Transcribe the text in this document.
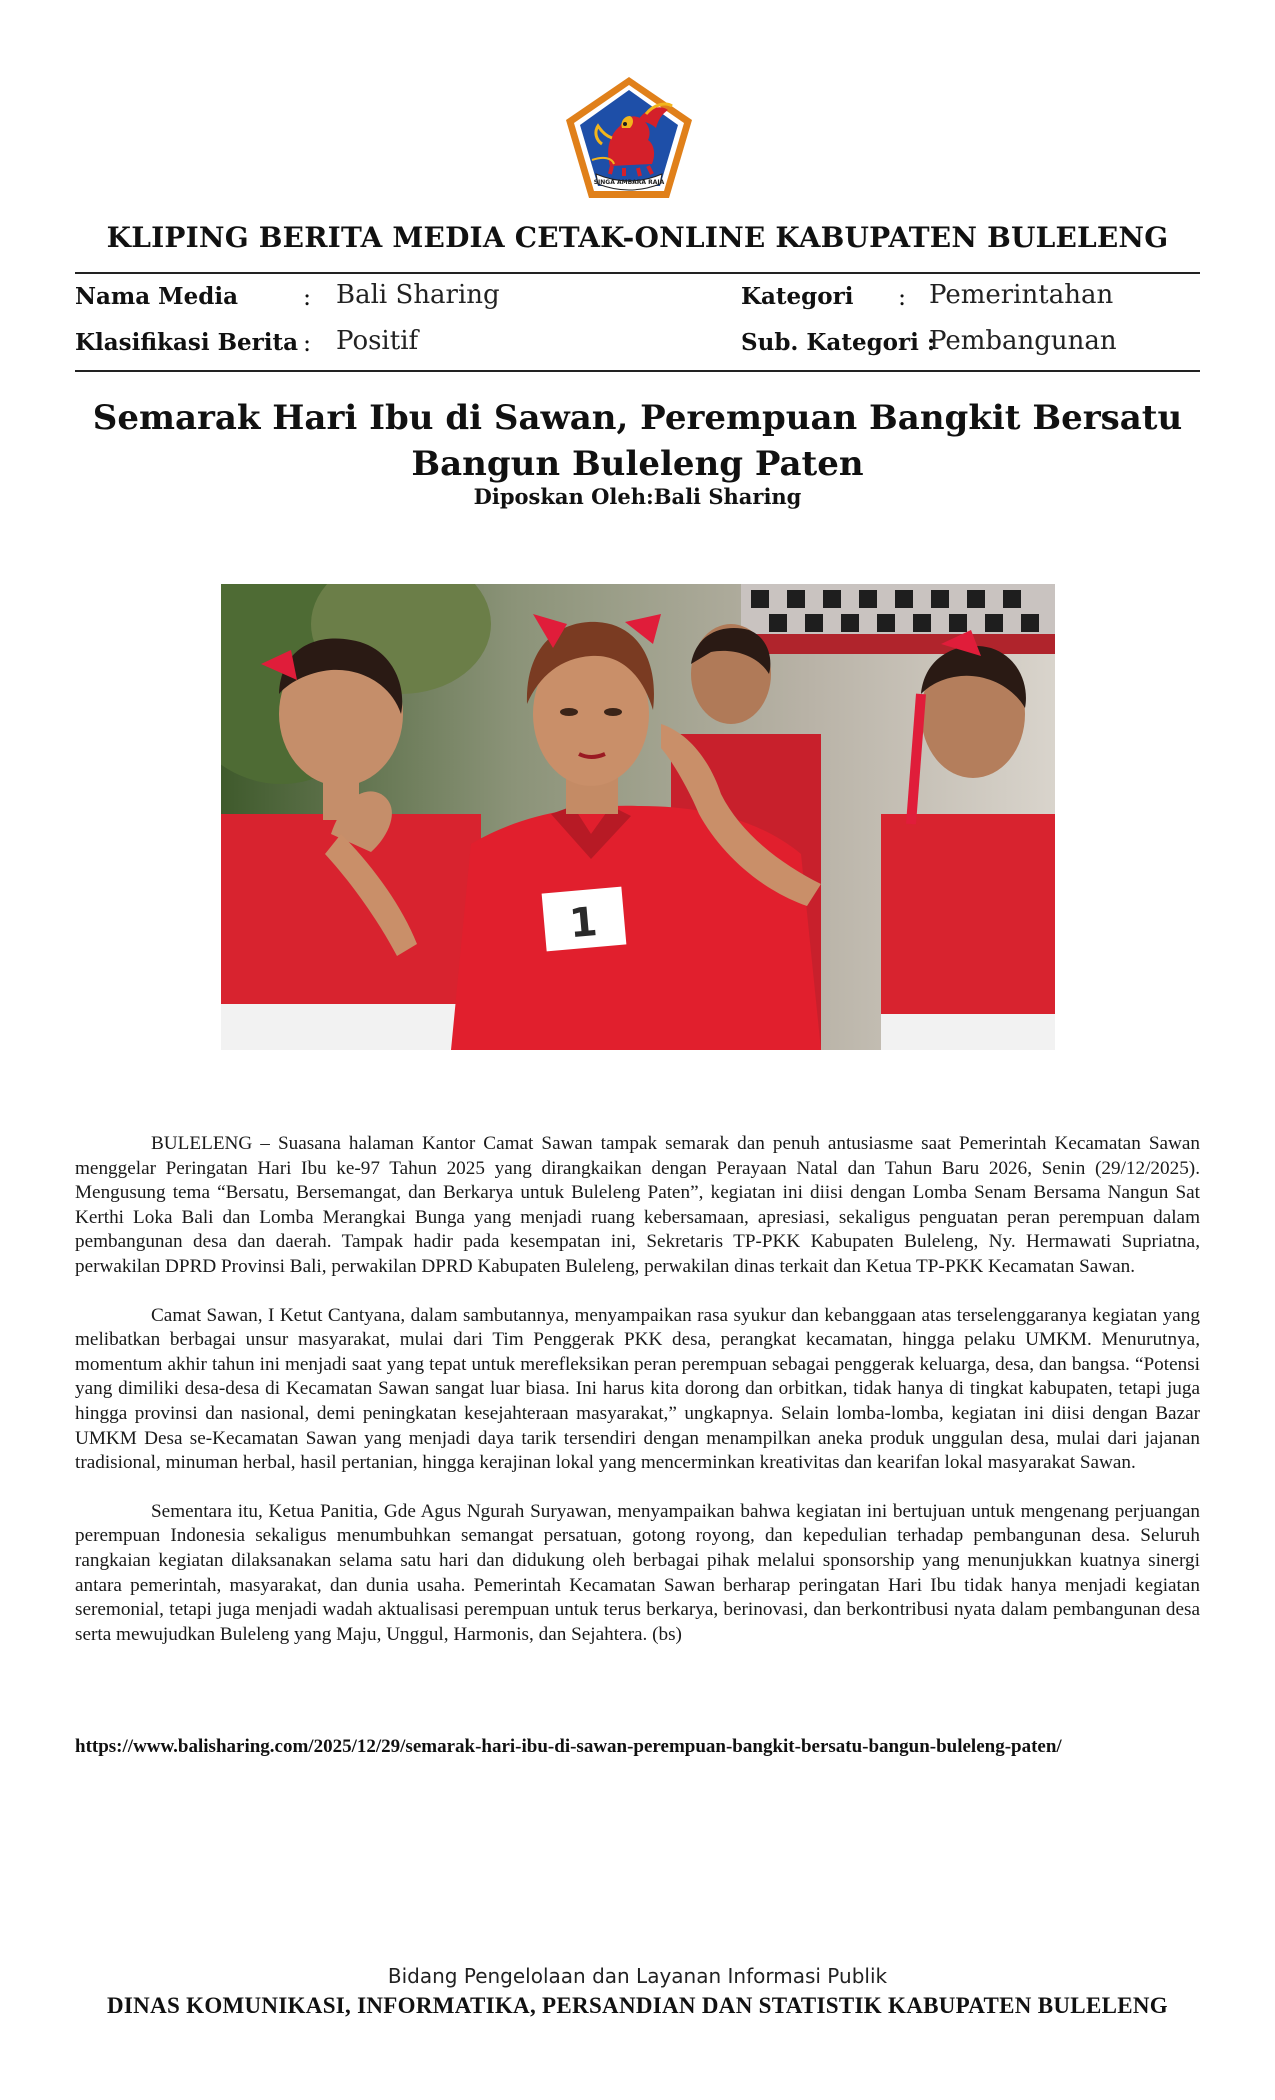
SINGA AMBARA RAJA
KLIPING BERITA MEDIA CETAK-ONLINE KABUPATEN BULELENG
Nama Media	: Bali Sharing	Kategori : Pemerintahan
Klasifikasi Berita : Positif	Sub. Kategori :
Pembangunan
Semarak Hari Ibu di Sawan, Perempuan Bangkit Bersatu
Bangun Buleleng Paten
Diposkan Oleh:Bali Sharing
1

BULELENG – Suasana halaman Kantor Camat Sawan tampak semarak dan penuh antusiasme saat Pemerintah Kecamatan Sawan menggelar Peringatan Hari Ibu ke-97 Tahun 2025 yang dirangkaikan dengan Perayaan Natal dan Tahun Baru 2026, Senin (29/12/2025). Mengusung tema “Bersatu, Bersemangat, dan Berkarya untuk Buleleng Paten”, kegiatan ini diisi dengan Lomba Senam Bersama Nangun Sat Kerthi Loka Bali dan Lomba Merangkai Bunga yang menjadi ruang kebersamaan, apresiasi, sekaligus penguatan peran perempuan dalam pembangunan desa dan daerah. Tampak hadir pada kesempatan ini, Sekretaris TP-PKK Kabupaten Buleleng, Ny. Hermawati Supriatna, perwakilan DPRD Provinsi Bali, perwakilan DPRD Kabupaten Buleleng, perwakilan dinas terkait dan Ketua TP-PKK Kecamatan Sawan.

Camat Sawan, I Ketut Cantyana, dalam sambutannya, menyampaikan rasa syukur dan kebanggaan atas terselenggaranya kegiatan yang melibatkan berbagai unsur masyarakat, mulai dari Tim Penggerak PKK desa, perangkat kecamatan, hingga pelaku UMKM. Menurutnya, momentum akhir tahun ini menjadi saat yang tepat untuk merefleksikan peran perempuan sebagai penggerak keluarga, desa, dan bangsa. “Potensi yang dimiliki desa-desa di Kecamatan Sawan sangat luar biasa. Ini harus kita dorong dan orbitkan, tidak hanya di tingkat kabupaten, tetapi juga hingga provinsi dan nasional, demi peningkatan kesejahteraan masyarakat,” ungkapnya. Selain lomba-lomba, kegiatan ini diisi dengan Bazar UMKM Desa se-Kecamatan Sawan yang menjadi daya tarik tersendiri dengan menampilkan aneka produk unggulan desa, mulai dari jajanan tradisional, minuman herbal, hasil pertanian, hingga kerajinan lokal yang mencerminkan kreativitas dan kearifan lokal masyarakat Sawan.

Sementara itu, Ketua Panitia, Gde Agus Ngurah Suryawan, menyampaikan bahwa kegiatan ini bertujuan untuk mengenang perjuangan perempuan Indonesia sekaligus menumbuhkan semangat persatuan, gotong royong, dan kepedulian terhadap pembangunan desa. Seluruh rangkaian kegiatan dilaksanakan selama satu hari dan didukung oleh berbagai pihak melalui sponsorship yang menunjukkan kuatnya sinergi antara pemerintah, masyarakat, dan dunia usaha. Pemerintah Kecamatan Sawan berharap peringatan Hari Ibu tidak hanya menjadi kegiatan seremonial, tetapi juga menjadi wadah aktualisasi perempuan untuk terus berkarya, berinovasi, dan berkontribusi nyata dalam pembangunan desa serta mewujudkan Buleleng yang Maju, Unggul, Harmonis, dan Sejahtera. (bs)

https://www.balisharing.com/2025/12/29/semarak-hari-ibu-di-sawan-perempuan-bangkit-bersatu-bangun-buleleng-paten/
Bidang Pengelolaan dan Layanan Informasi Publik
DINAS KOMUNIKASI, INFORMATIKA, PERSANDIAN DAN STATISTIK KABUPATEN BULELENG
